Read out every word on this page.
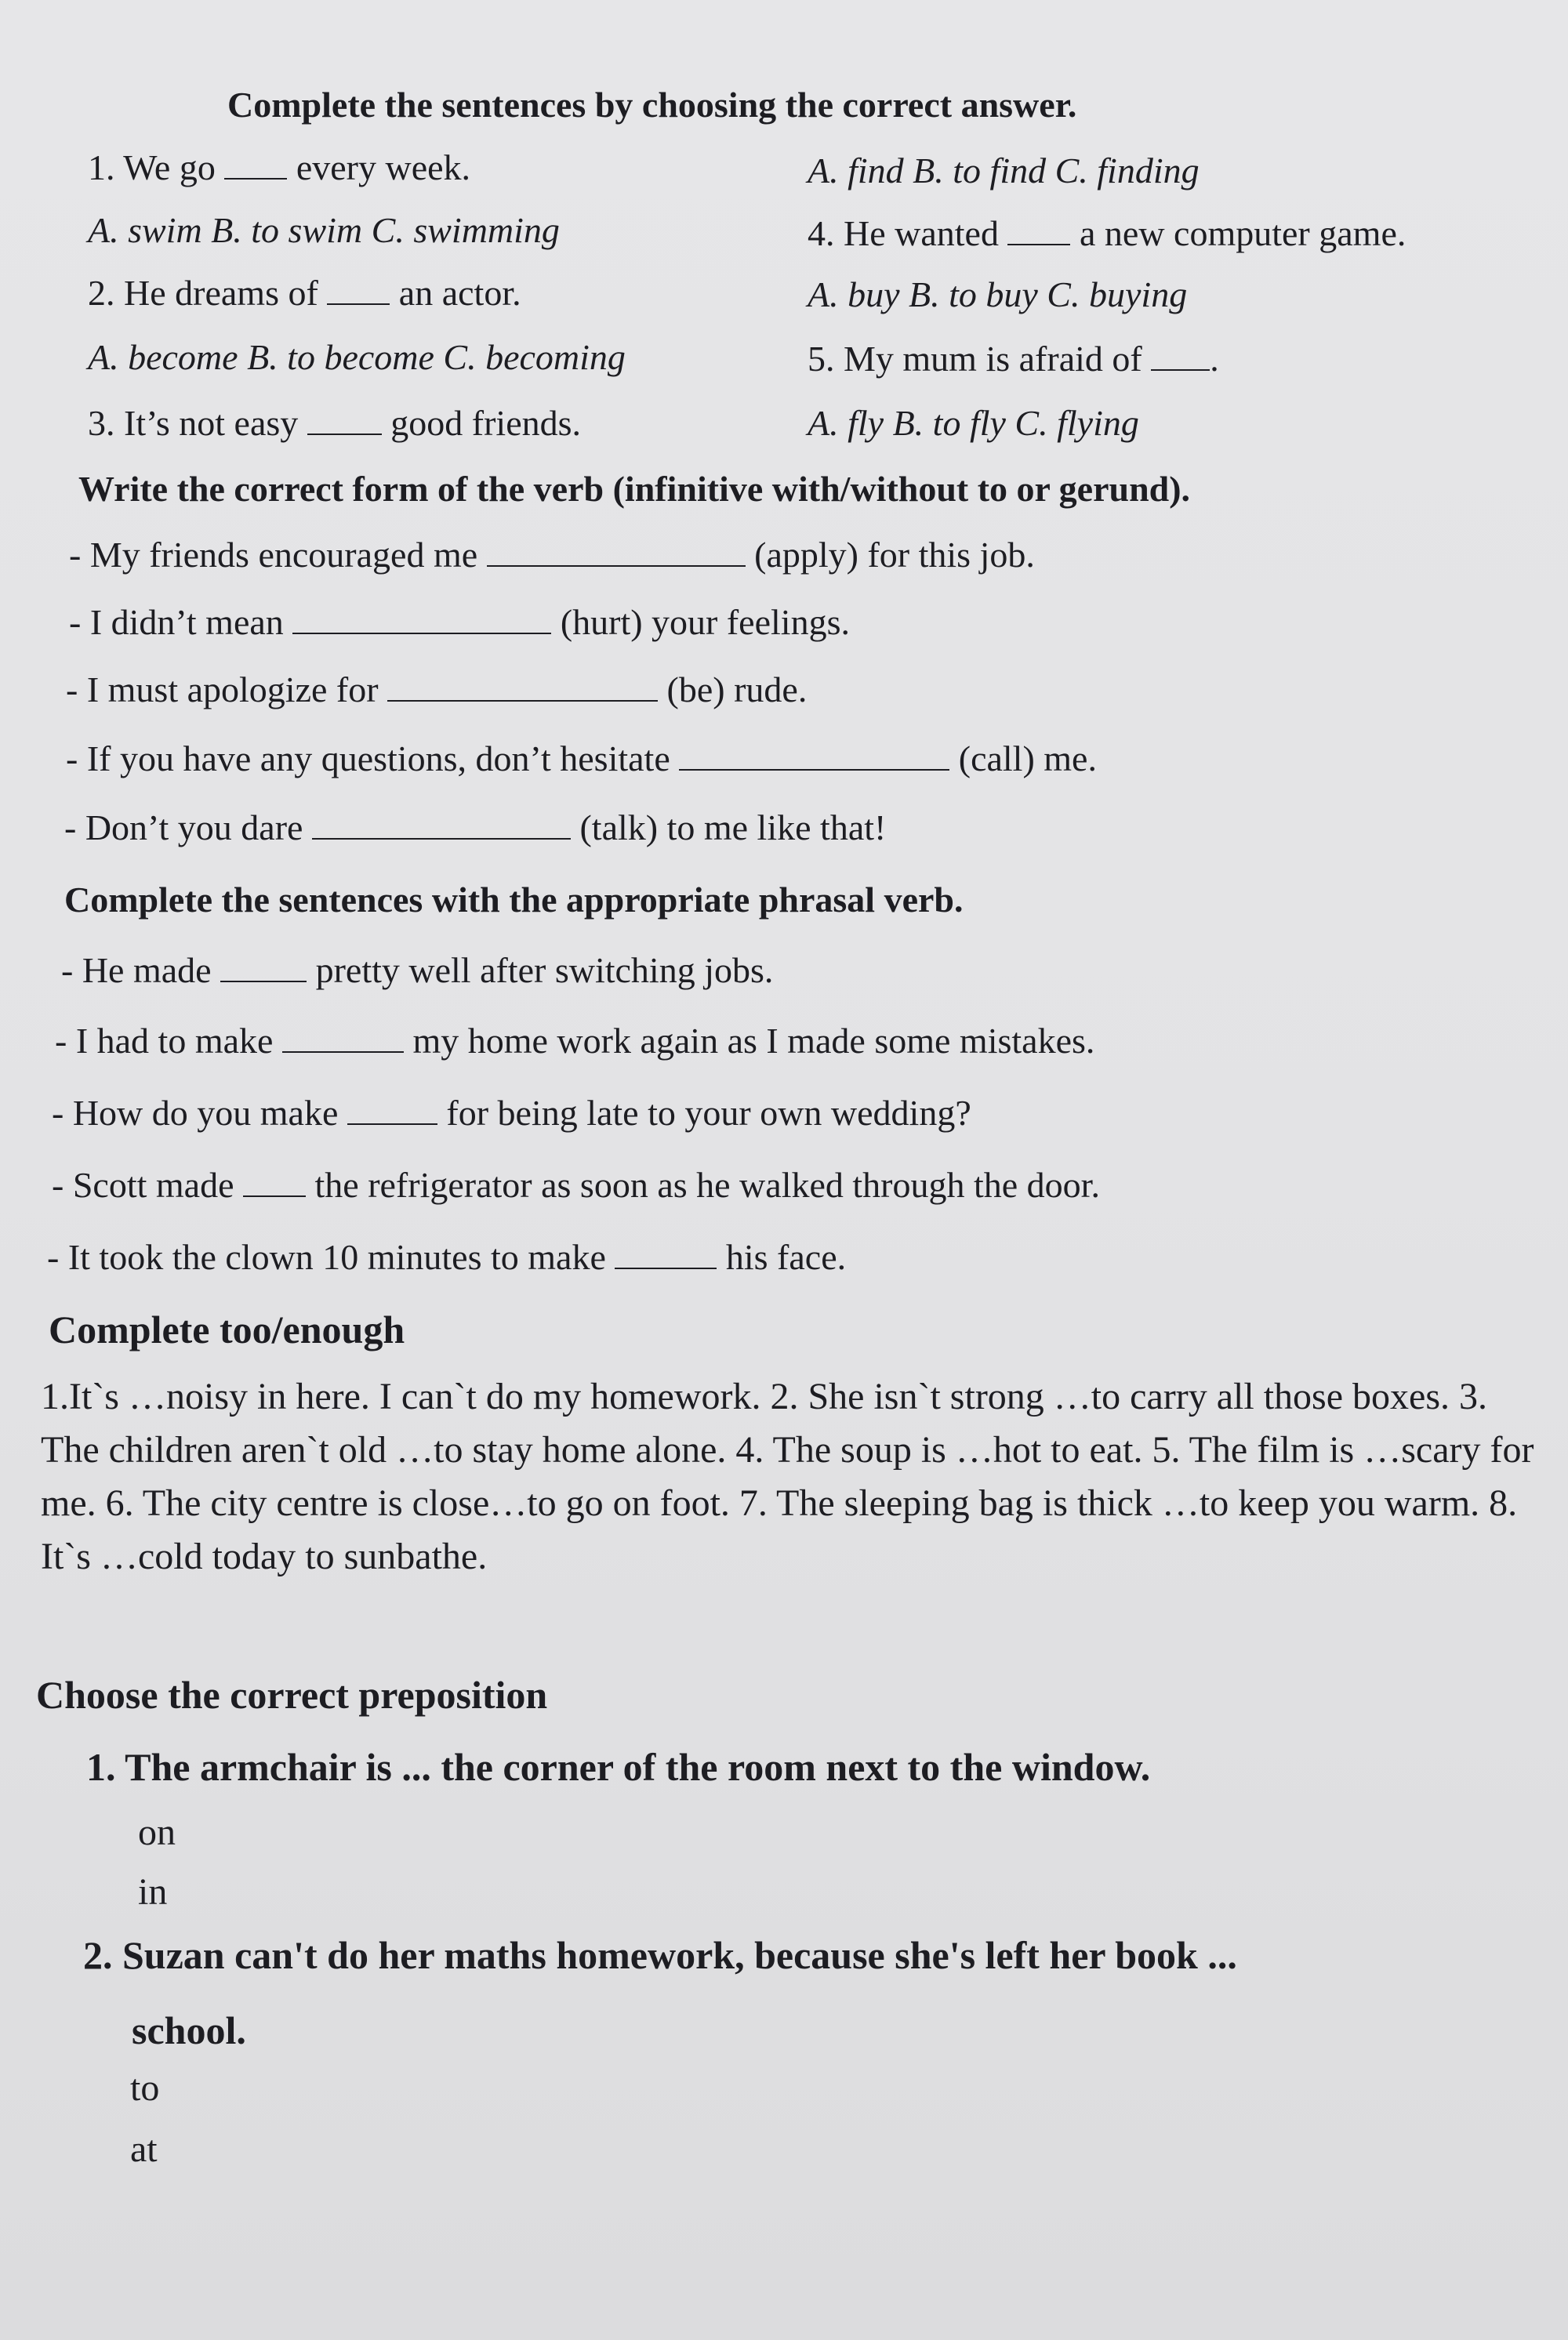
Complete the sentences by choosing the correct answer.
1. We go every week.	A. find B. to find C. finding
A. swim B. to swim C. swimming	4. He wanted a new computer game.
2. He dreams of an actor.	A. buy B. to buy C. buying
A. become B. to become C. becoming	5. My mum is afraid of .
3. It’s not easy	good friends.	A. fly B. to fly C. flying
Write the correct form of the verb (infinitive with/without to or gerund).
- My friends encouraged me	(apply) for this job.
- I didn’t mean	(hurt) your feelings.
- I must apologize for	(be) rude.
- If you have any questions, don’t hesitate	(call) me.
- Don’t you dare	(talk) to me like that!
Complete the sentences with the appropriate phrasal verb.
- He made	pretty well after switching jobs.
- I had to make	my home work again as I made some mistakes.
- How do you make	for being late to your own wedding?
- Scott made the refrigerator as soon as he walked through the door.
- It took the clown 10 minutes to make	his face.
Complete too/enough
1.It`s …noisy in here. I can`t do my homework. 2. She isn`t strong …to carry all those boxes. 3. The children aren`t old …to stay home alone. 4. The soup is …hot to eat. 5. The film is …scary for me. 6. The city centre is close…to go on foot. 7. The sleeping bag is thick …to keep you warm. 8. It`s …cold today to sunbathe.
Choose the correct preposition
1. The armchair is ... the corner of the room next to the window.
on
in
2. Suzan can't do her maths homework, because she's left her book ...
school.
to
at
